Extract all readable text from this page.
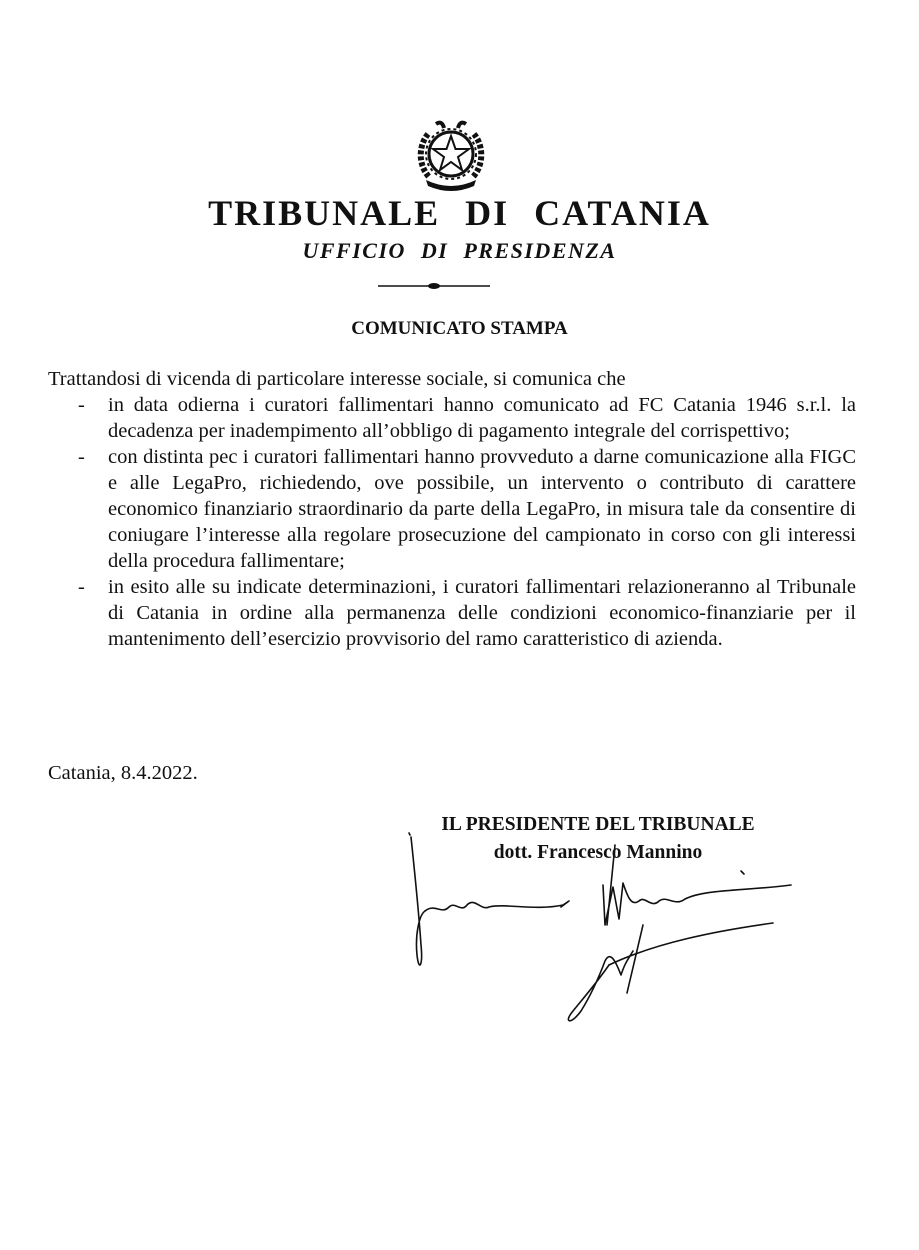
TRIBUNALE DI CATANIA
UFFICIO DI PRESIDENZA
COMUNICATO STAMPA
Trattandosi di vicenda di particolare interesse sociale, si comunica che
- in data odierna i curatori fallimentari hanno comunicato ad FC Catania 1946 s.r.l. la decadenza per inadempimento all’obbligo di pagamento integrale del corrispettivo;
- con distinta pec i curatori fallimentari hanno provveduto a darne comunicazione alla FIGC e alle LegaPro, richiedendo, ove possibile, un intervento o contributo di carattere economico finanziario straordinario da parte della LegaPro, in misura tale da consentire di coniugare l’interesse alla regolare prosecuzione del campionato in corso con gli interessi della procedura fallimentare;
- in esito alle su indicate determinazioni, i curatori fallimentari relazioneranno al Tribunale di Catania in ordine alla permanenza delle condizioni economico-finanziarie per il mantenimento dell’esercizio provvisorio del ramo caratteristico di azienda.
Catania, 8.4.2022.
IL PRESIDENTE DEL TRIBUNALE
dott. Francesco Mannino
